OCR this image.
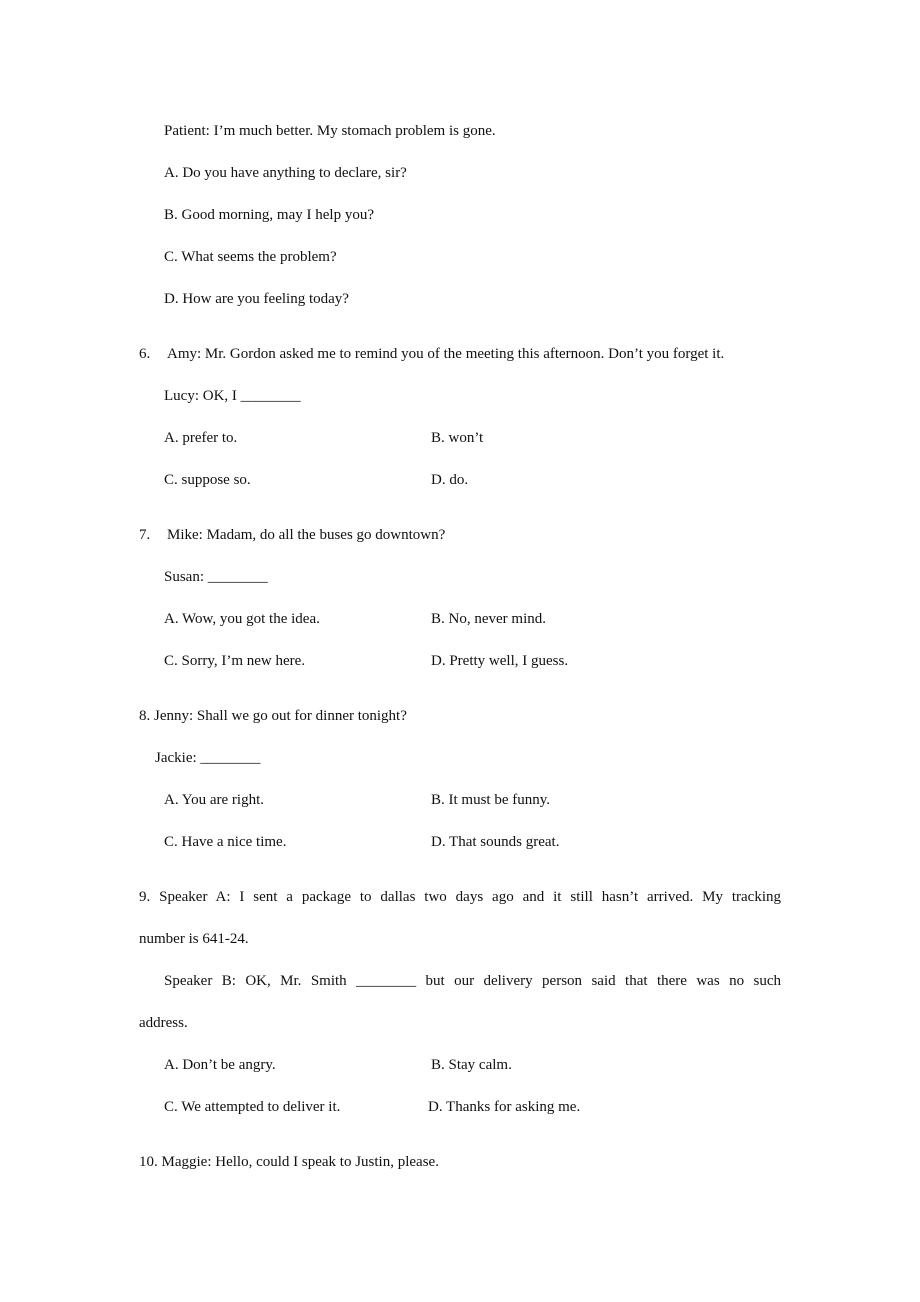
Patient: I’m much better. My stomach problem is gone.
A. Do you have anything to declare, sir?
B. Good morning, may I help you?
C. What seems the problem?
D. How are you feeling today?
6. Amy: Mr. Gordon asked me to remind you of the meeting this afternoon. Don’t you forget it.
Lucy: OK, I ________
A. prefer to.	B. won’t
C. suppose so.	D. do.
7. Mike: Madam, do all the buses go downtown?
Susan: ________
A. Wow, you got the idea.	B. No, never mind.
C. Sorry, I’m new here.	D. Pretty well, I guess.
8. Jenny: Shall we go out for dinner tonight?
Jackie: ________
A. You are right.	B. It must be funny.
C. Have a nice time.	D. That sounds great.
9. Speaker A: I sent a package to dallas two days ago and it still hasn’t arrived. My tracking
number is 641-24.
Speaker B: OK, Mr. Smith ________ but our delivery person said that there was no such
address.
A. Don’t be angry.	B. Stay calm.
C. We attempted to deliver it.	D. Thanks for asking me.
10. Maggie: Hello, could I speak to Justin, please.
